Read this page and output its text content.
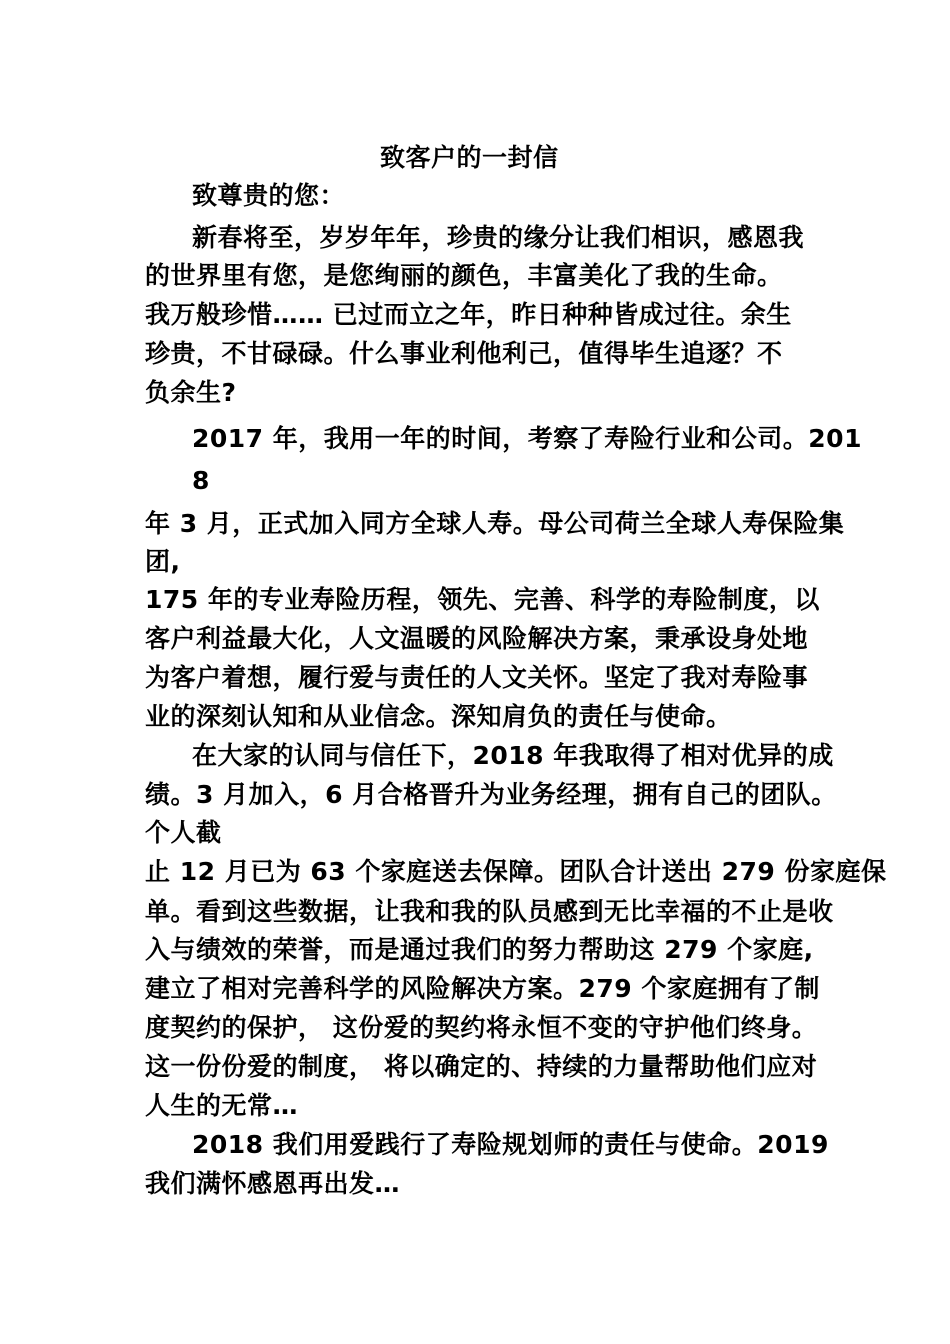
致客户的一封信
致尊贵的您：
新春将至，岁岁年年，珍贵的缘分让我们相识，感恩我
的世界里有您，是您绚丽的颜色，丰富美化了我的生命。
我万般珍惜…… 已过而立之年，昨日种种皆成过往。余生
珍贵，不甘碌碌。什么事业利他利己，值得毕生追逐？不
负余生?
2017 年，我用一年的时间，考察了寿险行业和公司。201
8
年 3 月，正式加入同方全球人寿。母公司荷兰全球人寿保险集
团,
175 年的专业寿险历程，领先、完善、科学的寿险制度，以
客户利益最大化，人文温暖的风险解决方案，秉承设身处地
为客户着想，履行爱与责任的人文关怀。坚定了我对寿险事
业的深刻认知和从业信念。深知肩负的责任与使命。
在大家的认同与信任下，2018 年我取得了相对优异的成
绩。3 月加入，6 月合格晋升为业务经理，拥有自己的团队。
个人截
止 12 月已为 63 个家庭送去保障。团队合计送出 279 份家庭保
单。看到这些数据，让我和我的队员感到无比幸福的不止是收
入与绩效的荣誉，而是通过我们的努力帮助这 279 个家庭,
建立了相对完善科学的风险解决方案。279 个家庭拥有了制
度契约的保护， 这份爱的契约将永恒不变的守护他们终身。
这一份份爱的制度， 将以确定的、持续的力量帮助他们应对
人生的无常…
2018 我们用爱践行了寿险规划师的责任与使命。2019
我们满怀感恩再出发…
